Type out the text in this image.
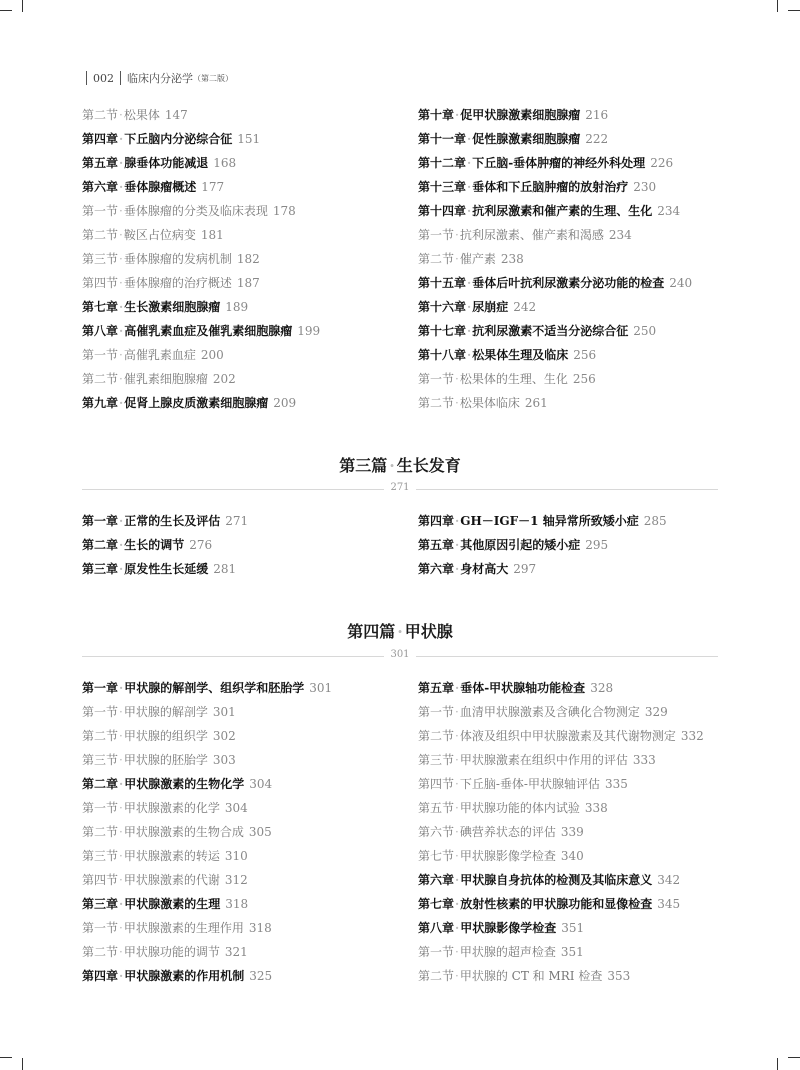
002 临床内分泌学 （第二版）
第二节·松果体 147
第四章·下丘脑内分泌综合征 151
第五章·腺垂体功能减退 168
第六章·垂体腺瘤概述 177
第一节·垂体腺瘤的分类及临床表现 178
第二节·鞍区占位病变 181
第三节·垂体腺瘤的发病机制 182
第四节·垂体腺瘤的治疗概述 187
第七章·生长激素细胞腺瘤 189
第八章·高催乳素血症及催乳素细胞腺瘤 199
第一节·高催乳素血症 200
第二节·催乳素细胞腺瘤 202
第九章·促肾上腺皮质激素细胞腺瘤 209
第十章·促甲状腺激素细胞腺瘤 216
第十一章·促性腺激素细胞腺瘤 222
第十二章·下丘脑-垂体肿瘤的神经外科处理 226
第十三章·垂体和下丘脑肿瘤的放射治疗 230
第十四章·抗利尿激素和催产素的生理、生化 234
第一节·抗利尿激素、催产素和渴感 234
第二节·催产素 238
第十五章·垂体后叶抗利尿激素分泌功能的检查 240
第十六章·尿崩症 242
第十七章·抗利尿激素不适当分泌综合征 250
第十八章·松果体生理及临床 256
第一节·松果体的生理、生化 256
第二节·松果体临床 261
第三篇 · 生长发育
271
第一章·正常的生长及评估 271
第二章·生长的调节 276
第三章·原发性生长延缓 281
第四章·GH－IGF－1 轴异常所致矮小症 285
第五章·其他原因引起的矮小症 295
第六章·身材高大 297
第四篇 · 甲状腺
301
第一章·甲状腺的解剖学、组织学和胚胎学 301
第一节·甲状腺的解剖学 301
第二节·甲状腺的组织学 302
第三节·甲状腺的胚胎学 303
第二章·甲状腺激素的生物化学 304
第一节·甲状腺激素的化学 304
第二节·甲状腺激素的生物合成 305
第三节·甲状腺激素的转运 310
第四节·甲状腺激素的代谢 312
第三章·甲状腺激素的生理 318
第一节·甲状腺激素的生理作用 318
第二节·甲状腺功能的调节 321
第四章·甲状腺激素的作用机制 325
第五章·垂体-甲状腺轴功能检查 328
第一节·血清甲状腺激素及含碘化合物测定 329
第二节·体液及组织中甲状腺激素及其代谢物测定 332
第三节·甲状腺激素在组织中作用的评估 333
第四节·下丘脑-垂体-甲状腺轴评估 335
第五节·甲状腺功能的体内试验 338
第六节·碘营养状态的评估 339
第七节·甲状腺影像学检查 340
第六章·甲状腺自身抗体的检测及其临床意义 342
第七章·放射性核素的甲状腺功能和显像检查 345
第八章·甲状腺影像学检查 351
第一节·甲状腺的超声检查 351
第二节·甲状腺的 CT 和 MRI 检查 353
